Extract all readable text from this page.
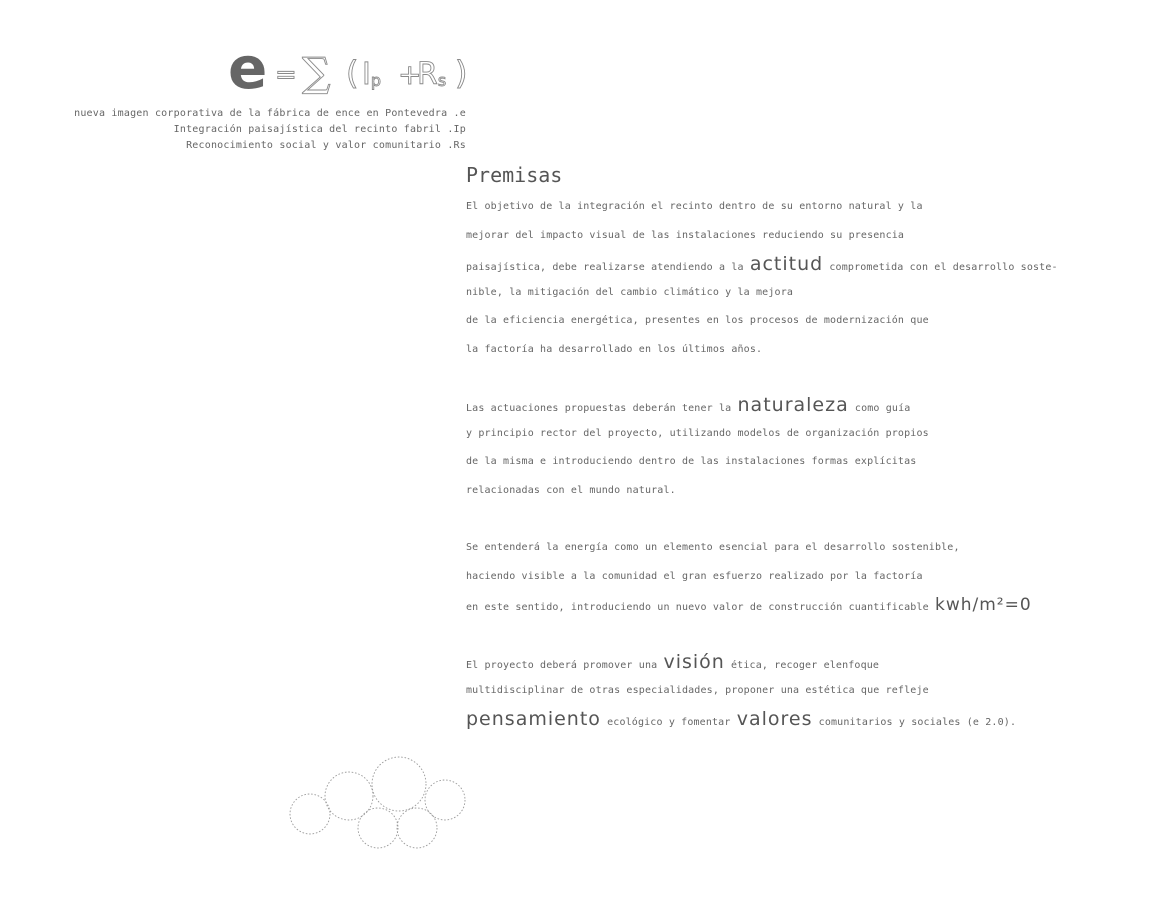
e = ∑ ( Ip +
Rs )
nueva imagen corporativa de la fábrica de ence en Pontevedra .e
Integración paisajística del recinto fabril .Ip
Reconocimiento social y valor comunitario .Rs
Premisas
El objetivo de la integración el recinto dentro de su entorno natural y la
mejorar del impacto visual de las instalaciones reduciendo su presencia
paisajística, debe realizarse atendiendo a la actitud comprometida con el desarrollo soste-
nible, la mitigación del cambio climático y la mejora
de la eficiencia energética, presentes en los procesos de modernización que
la factoría ha desarrollado en los últimos años.
Las actuaciones propuestas deberán tener la naturaleza como guía
y principio rector del proyecto, utilizando modelos de organización propios
de la misma e introduciendo dentro de las instalaciones formas explícitas
relacionadas con el mundo natural.
Se entenderá la energía como un elemento esencial para el desarrollo sostenible,
haciendo visible a la comunidad el gran esfuerzo realizado por la factoría
en este sentido, introduciendo un nuevo valor de construcción cuantificable kwh/m²=0
El proyecto deberá promover una visión ética, recoger elenfoque
multidisciplinar de otras especialidades, proponer una estética que refleje
pensamiento ecológico y fomentar valores comunitarios y sociales (e 2.0).
